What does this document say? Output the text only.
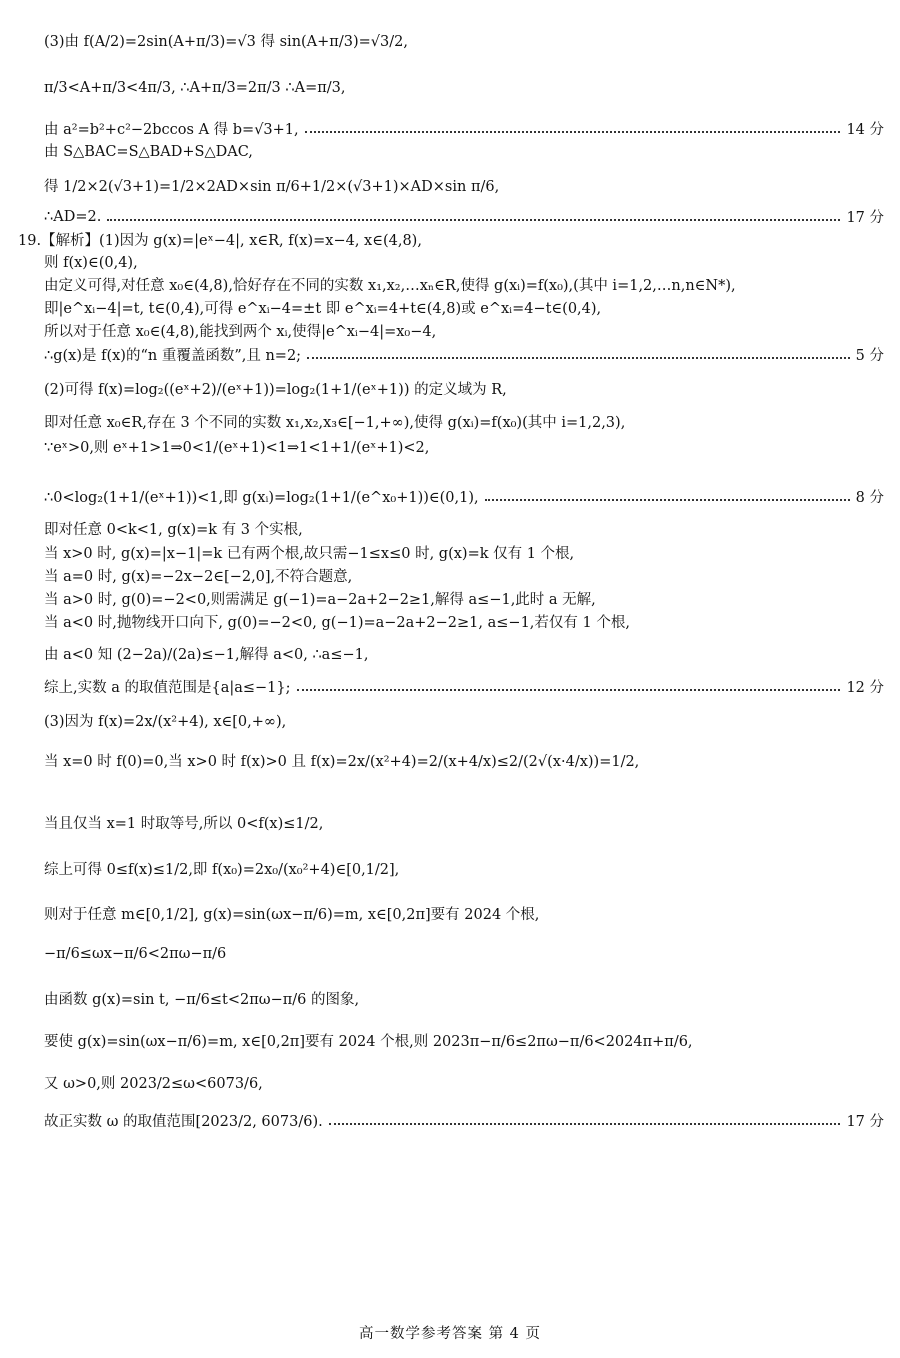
(3)由 f(A/2)=2sin(A+π/3)=√3 得 sin(A+π/3)=√3/2,
π/3<A+π/3<4π/3, ∴A+π/3=2π/3 ∴A=π/3,
由 a²=b²+c²−2bccos A 得 b=√3+1,	14 分
由 S△BAC=S△BAD+S△DAC,
得 1/2×2(√3+1)=1/2×2AD×sin π/6+1/2×(√3+1)×AD×sin π/6,
∴AD=2.	17 分
19.【解析】(1)因为 g(x)=|eˣ−4|, x∈R, f(x)=x−4, x∈(4,8),
则 f(x)∈(0,4),
由定义可得,对任意 x₀∈(4,8),恰好存在不同的实数 x₁,x₂,…xₙ∈R,使得 g(xᵢ)=f(x₀),(其中 i=1,2,…n,n∈N*),
即|e^xᵢ−4|=t, t∈(0,4),可得 e^xᵢ−4=±t 即 e^xᵢ=4+t∈(4,8)或 e^xᵢ=4−t∈(0,4),
所以对于任意 x₀∈(4,8),能找到两个 xᵢ,使得|e^xᵢ−4|=x₀−4,
∴g(x)是 f(x)的“n 重覆盖函数”,且 n=2;	5 分
(2)可得 f(x)=log₂((eˣ+2)/(eˣ+1))=log₂(1+1/(eˣ+1)) 的定义域为 R,
即对任意 x₀∈R,存在 3 个不同的实数 x₁,x₂,x₃∈[−1,+∞),使得 g(xᵢ)=f(x₀)(其中 i=1,2,3),
∵eˣ>0,则 eˣ+1>1⇒0<1/(eˣ+1)<1⇒1<1+1/(eˣ+1)<2,
∴0<log₂(1+1/(eˣ+1))<1,即 g(xᵢ)=log₂(1+1/(e^x₀+1))∈(0,1),	8 分
即对任意 0<k<1, g(x)=k 有 3 个实根,
当 x>0 时, g(x)=|x−1|=k 已有两个根,故只需−1≤x≤0 时, g(x)=k 仅有 1 个根,
当 a=0 时, g(x)=−2x−2∈[−2,0],不符合题意,
当 a>0 时, g(0)=−2<0,则需满足 g(−1)=a−2a+2−2≥1,解得 a≤−1,此时 a 无解,
当 a<0 时,抛物线开口向下, g(0)=−2<0, g(−1)=a−2a+2−2≥1, a≤−1,若仅有 1 个根,
由 a<0 知 (2−2a)/(2a)≤−1,解得 a<0, ∴a≤−1,
综上,实数 a 的取值范围是{a|a≤−1};	12 分
(3)因为 f(x)=2x/(x²+4), x∈[0,+∞),
当 x=0 时 f(0)=0,当 x>0 时 f(x)>0 且 f(x)=2x/(x²+4)=2/(x+4/x)≤2/(2√(x·4/x))=1/2,
当且仅当 x=1 时取等号,所以 0<f(x)≤1/2,
综上可得 0≤f(x)≤1/2,即 f(x₀)=2x₀/(x₀²+4)∈[0,1/2],
则对于任意 m∈[0,1/2], g(x)=sin(ωx−π/6)=m, x∈[0,2π]要有 2024 个根,
−π/6≤ωx−π/6<2πω−π/6
由函数 g(x)=sin t, −π/6≤t<2πω−π/6 的图象,
要使 g(x)=sin(ωx−π/6)=m, x∈[0,2π]要有 2024 个根,则 2023π−π/6≤2πω−π/6<2024π+π/6,
又 ω>0,则 2023/2≤ω<6073/6,
故正实数 ω 的取值范围[2023/2, 6073/6).	17 分
高一数学参考答案 第 4 页
